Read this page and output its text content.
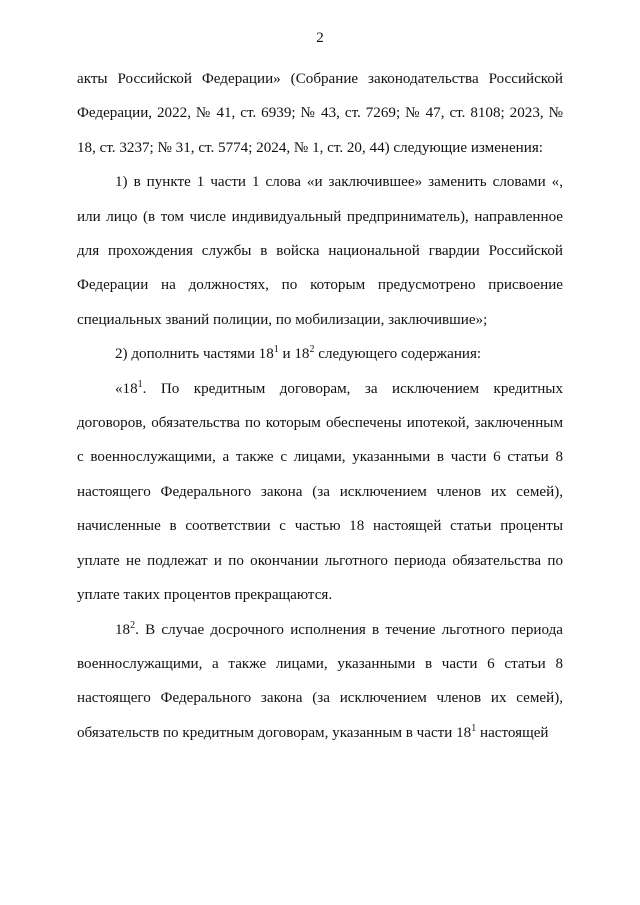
2

акты Российской Федерации» (Собрание законодательства Российской Федерации, 2022, № 41, ст. 6939; № 43, ст. 7269; № 47, ст. 8108; 2023, № 18, ст. 3237; № 31, ст. 5774; 2024, № 1, ст. 20, 44) следующие изменения:

1) в пункте 1 части 1 слова «и заключившее» заменить словами «, или лицо (в том числе индивидуальный предприниматель), направленное для прохождения службы в войска национальной гвардии Российской Федерации на должностях, по которым предусмотрено присвоение специальных званий полиции, по мобилизации, заключившие»;

2) дополнить частями $18^1$ и $18^2$ следующего содержания:

«$18^1$. По кредитным договорам, за исключением кредитных договоров, обязательства по которым обеспечены ипотекой, заключенным с военнослужащими, а также с лицами, указанными в части 6 статьи 8 настоящего Федерального закона (за исключением членов их семей), начисленные в соответствии с частью 18 настоящей статьи проценты уплате не подлежат и по окончании льготного периода обязательства по уплате таких процентов прекращаются.

$18^2$. В случае досрочного исполнения в течение льготного периода военнослужащими, а также лицами, указанными в части 6 статьи 8 настоящего Федерального закона (за исключением членов их семей), обязательств по кредитным договорам, указанным в части $18^1$ настоящей
